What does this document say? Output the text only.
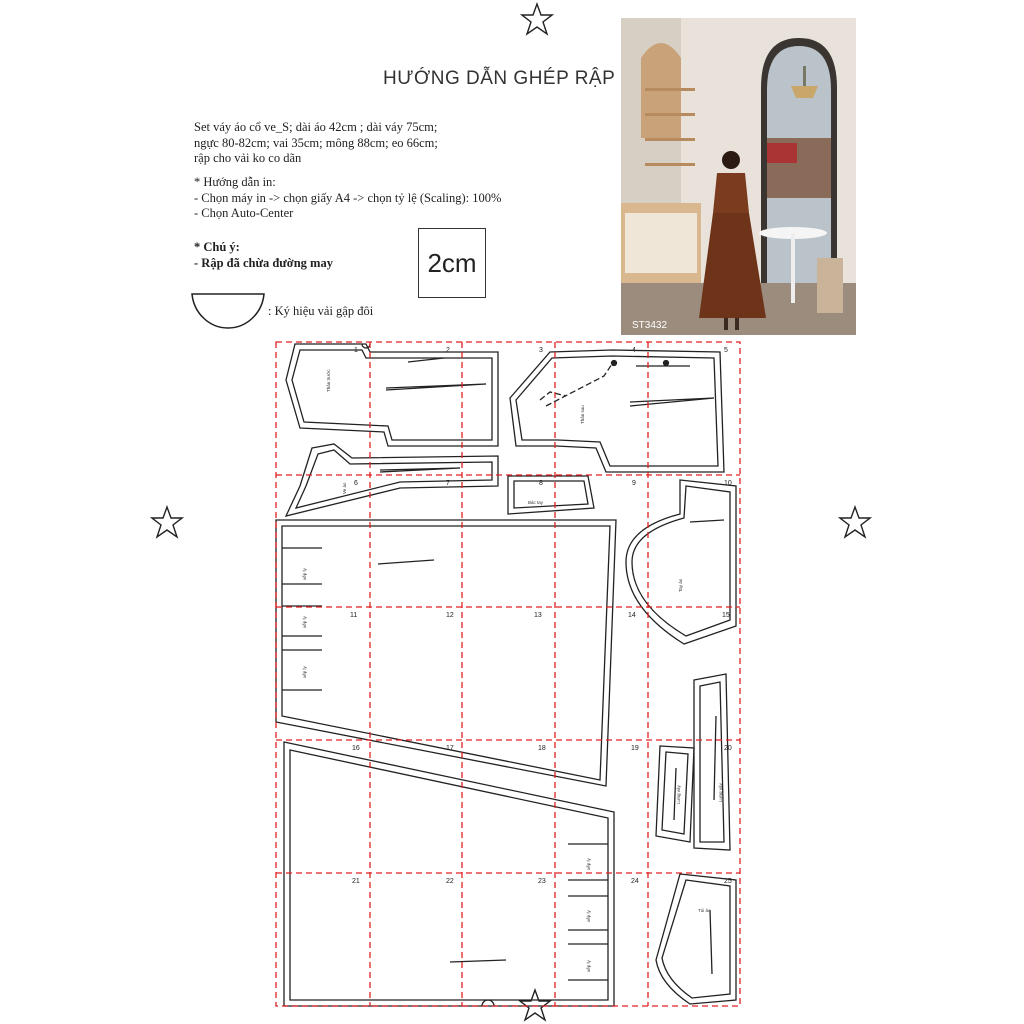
HƯỚNG DẪN GHÉP RẬP
Set váy áo cổ ve_S; dài áo 42cm ; dài váy 75cm;
ngực 80-82cm; vai 35cm; mông 88cm; eo 66cm;
rập cho vải ko co dãn
* Hướng dẫn in:
- Chọn máy in -> chọn giấy A4 -> chọn tỷ lệ (Scaling): 100%
- Chọn Auto-Center
* Chú ý:
- Rập đã chừa đường may	2cm
: Ký hiệu vải gập đôi
ST3432
1	2	3	4	5
6	7	8	9	10
11	12	13	14	15
16	17	18	19	20
21	22	23	24	25
xếp ly
xếp ly
xếp ly
xếp ly
xếp ly
xếp ly
Thân trước
Thân sau
Ve áo
Bác tay
Tay áo
Lưng váy	Lưng váy
Túi áo
